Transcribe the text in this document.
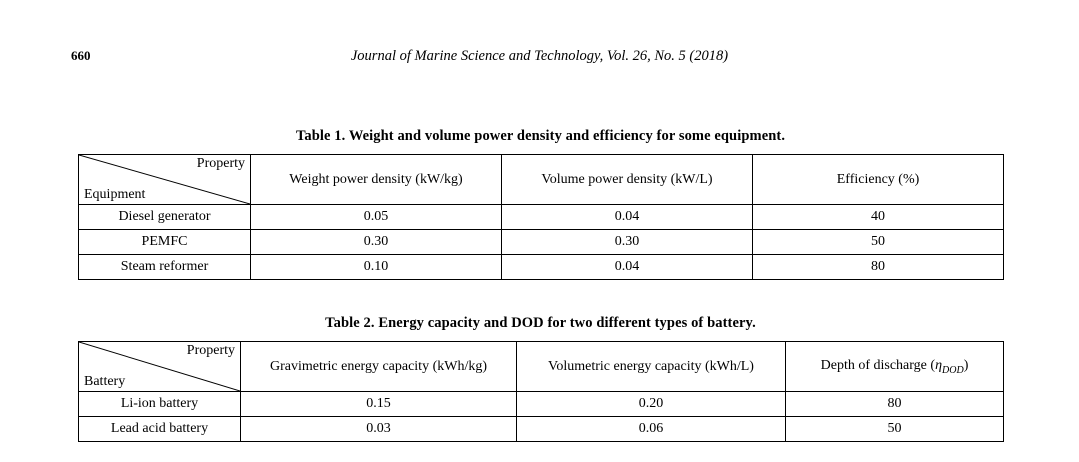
660	Journal of Marine Science and Technology, Vol. 26, No. 5 (2018)
Table 1. Weight and volume power density and efficiency for some equipment.
Property
Equipment	Weight power density (kW/kg)	Volume power density (kW/L)	Efficiency (%)
Diesel generator	0.05	0.04	40
PEMFC	0.30	0.30	50
Steam reformer	0.10	0.04	80
Table 2. Energy capacity and DOD for two different types of battery.
Property
Battery	Gravimetric energy capacity (kWh/kg)	Volumetric energy capacity (kWh/L)	Depth of discharge $(\eta_{DOD})$
Li-ion battery	0.15	0.20	80
Lead acid battery	0.03	0.06	50
